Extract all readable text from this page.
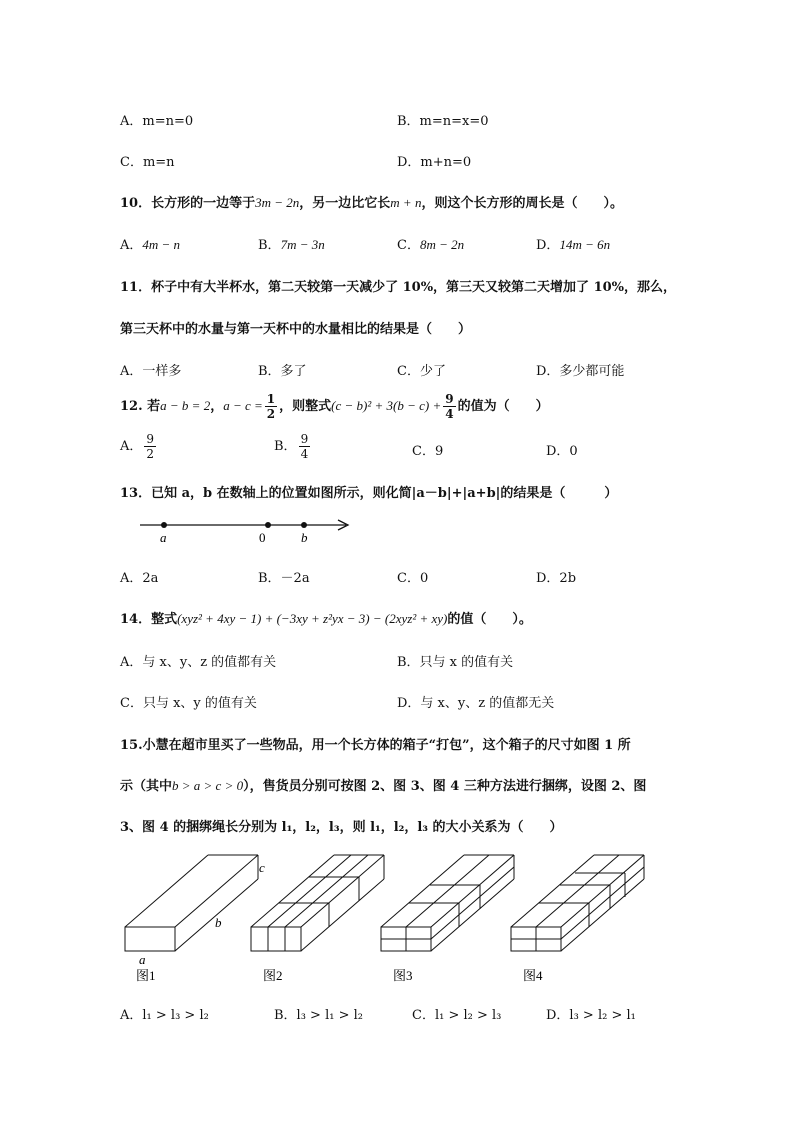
A．m=n=0	B．m=n=x=0
C．m=n	D．m+n=0
10．长方形的一边等于3m − 2n，另一边比它长m + n，则这个长方形的周长是（　　）。
A．4m − n	B．7m − 3n	C．8m − 2n	D．14m − 6n
11．杯子中有大半杯水，第二天较第一天减少了 10%，第三天又较第二天增加了 10%，那么，
第三天杯中的水量与第一天杯中的水量相比的结果是（　　）
A．一样多	B．多了	C．少了	D．多少都可能
12. 若a − b = 2，$a - c = \frac{1}{2}$ ，则整式$(c - b)^2 + 3(b - c) + \frac{9}{4}$ 的值为（　　）
A． $\frac{9}{2}$	B． $\frac{9}{4}$	C．9	D．0
13．已知 a，b 在数轴上的位置如图所示，则化简|a－b|+|a+b|的结果是（　　　）
a	0	b
A．2a	B．－2a	C．0	D．2b
14．整式(xyz² + 4xy − 1) + (−3xy + z²yx − 3) − (2xyz² + xy)的值（　　）。
A．与 x、y、z 的值都有关	B．只与 x 的值有关
C．只与 x、y 的值有关	D．与 x、y、z 的值都无关
15.小慧在超市里买了一些物品，用一个长方体的箱子“打包”，这个箱子的尺寸如图 1 所
示（其中b > a > c > 0），售货员分别可按图 2、图 3、图 4 三种方法进行捆绑，设图 2、图
3、图 4 的捆绑绳长分别为 l₁，l₂，l₃，则 l₁，l₂，l₃ 的大小关系为（　　）
c
b
a
图1	图2	图3	图4
A．l₁ > l₃ > l₂	B．l₃ > l₁ > l₂	C．l₁ > l₂ > l₃	D．l₃ > l₂ > l₁
